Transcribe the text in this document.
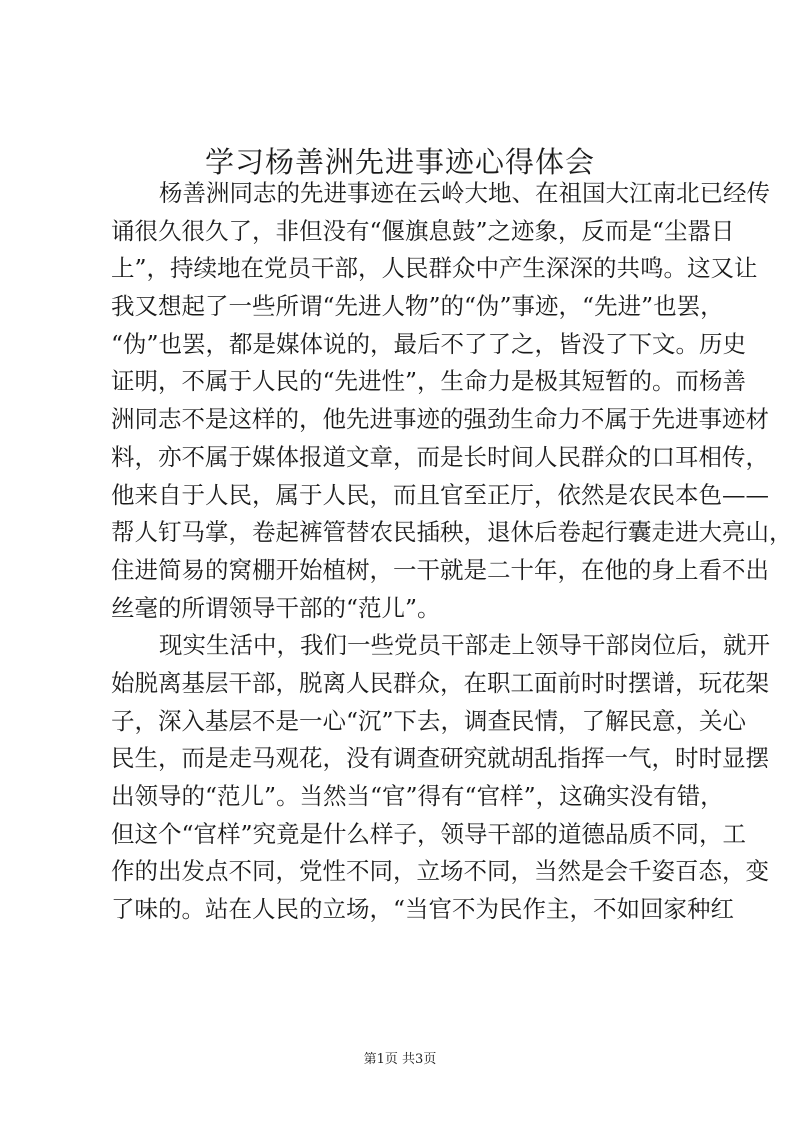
学习杨善洲先进事迹心得体会
杨善洲同志的先进事迹在云岭大地、在祖国大江南北已经传
诵很久很久了，非但没有“偃旗息鼓”之迹象，反而是“尘嚣日
上”，持续地在党员干部，人民群众中产生深深的共鸣。这又让
我又想起了一些所谓“先进人物”的“伪”事迹，“先进”也罢，
“伪”也罢，都是媒体说的，最后不了了之，皆没了下文。历史
证明，不属于人民的“先进性”，生命力是极其短暂的。而杨善
洲同志不是这样的，他先进事迹的强劲生命力不属于先进事迹材
料，亦不属于媒体报道文章，而是长时间人民群众的口耳相传，
他来自于人民，属于人民，而且官至正厅，依然是农民本色——
帮人钉马掌，卷起裤管替农民插秧，退休后卷起行囊走进大亮山，
住进简易的窝棚开始植树，一干就是二十年，在他的身上看不出
丝毫的所谓领导干部的“范儿”。
现实生活中，我们一些党员干部走上领导干部岗位后，就开
始脱离基层干部，脱离人民群众，在职工面前时时摆谱，玩花架
子，深入基层不是一心“沉”下去，调查民情，了解民意，关心
民生，而是走马观花，没有调查研究就胡乱指挥一气，时时显摆
出领导的“范儿”。当然当“官”得有“官样”，这确实没有错，
但这个“官样”究竟是什么样子，领导干部的道德品质不同，工
作的出发点不同，党性不同，立场不同，当然是会千姿百态，变
了味的。站在人民的立场，“当官不为民作主，不如回家种红
第1页 共3页
